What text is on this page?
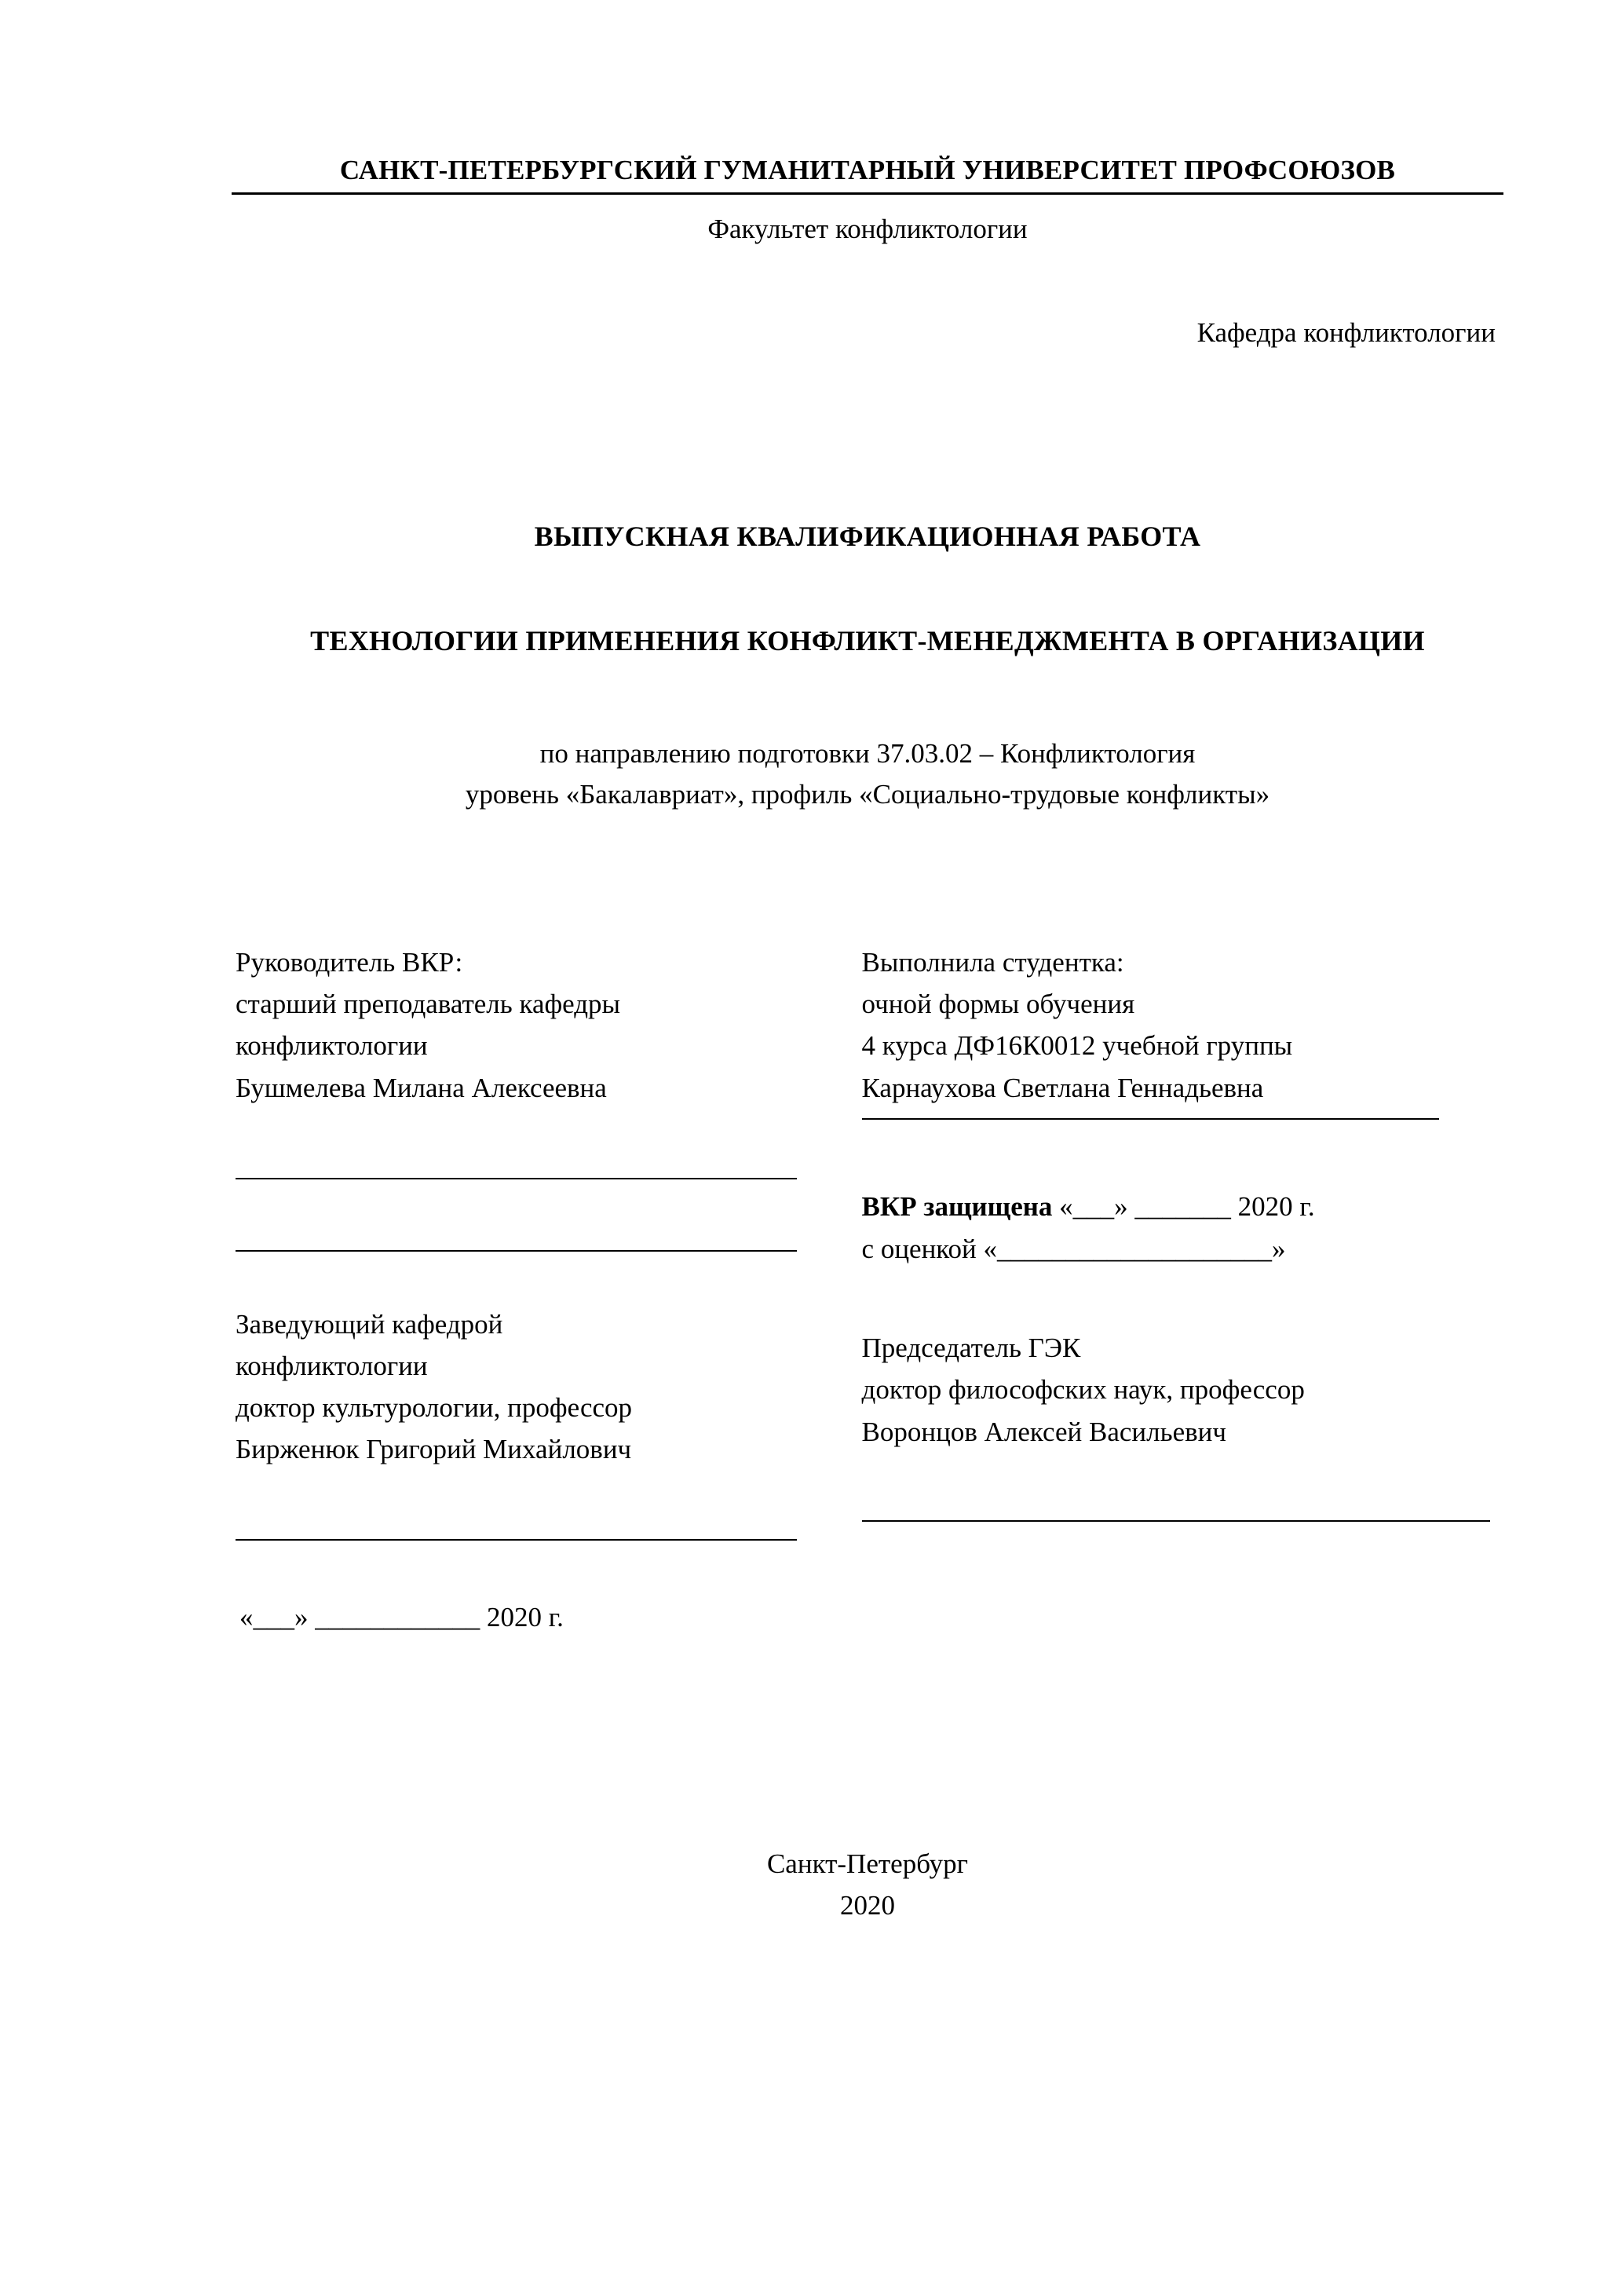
САНКТ-ПЕТЕРБУРГСКИЙ ГУМАНИТАРНЫЙ УНИВЕРСИТЕТ ПРОФСОЮЗОВ
Факультет конфликтологии
Кафедра конфликтологии
ВЫПУСКНАЯ КВАЛИФИКАЦИОННАЯ РАБОТА
ТЕХНОЛОГИИ ПРИМЕНЕНИЯ КОНФЛИКТ-МЕНЕДЖМЕНТА В ОРГАНИЗАЦИИ
по направлению подготовки 37.03.02 – Конфликтология
уровень «Бакалавриат», профиль «Социально-трудовые конфликты»
Руководитель ВКР:
старший преподаватель кафедры
конфликтологии
Бушмелева Милана Алексеевна
Заведующий кафедрой
конфликтологии
доктор культурологии, профессор
Бирженюк Григорий Михайлович
«___» ____________ 2020 г.
Выполнила студентка:
очной формы обучения
4 курса ДФ16К0012 учебной группы
Карнаухова Светлана Геннадьевна
ВКР защищена «___» _______ 2020 г.
с оценкой «____________________»
Председатель ГЭК
доктор философских наук, профессор
Воронцов Алексей Васильевич
Санкт-Петербург
2020
